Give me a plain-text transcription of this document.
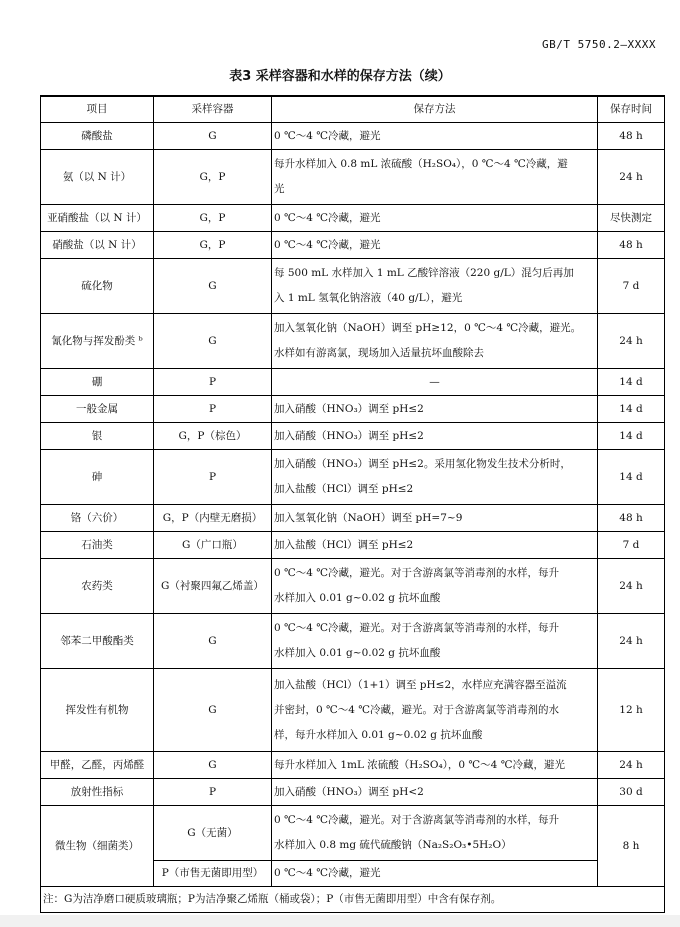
GB/T 5750.2—XXXX
表3 采样容器和水样的保存方法（续）
项目	采样容器	保存方法	保存时间
磷酸盐	G	0 ℃～4 ℃冷藏，避光	48 h
氨（以 N 计）	G，P	每升水样加入 0.8 mL 浓硫酸（H₂SO₄），0 ℃～4 ℃冷藏，避
光	24 h
亚硝酸盐（以 N 计）	G，P	0 ℃～4 ℃冷藏，避光	尽快测定
硝酸盐（以 N 计）	G，P	0 ℃～4 ℃冷藏，避光	48 h
硫化物	G	每 500 mL 水样加入 1 mL 乙酸锌溶液（220 g/L）混匀后再加
入 1 mL 氢氧化钠溶液（40 g/L），避光	7 d
氰化物与挥发酚类 ᵇ	G	加入氢氧化钠（NaOH）调至 pH≥12，0 ℃～4 ℃冷藏，避光。
水样如有游离氯，现场加入适量抗坏血酸除去	24 h
硼	P	—	14 d
一般金属	P	加入硝酸（HNO₃）调至 pH≤2	14 d
银	G，P（棕色）	加入硝酸（HNO₃）调至 pH≤2	14 d
砷	P	加入硝酸（HNO₃）调至 pH≤2。采用氢化物发生技术分析时，
加入盐酸（HCl）调至 pH≤2	14 d
铬（六价）	G，P（内壁无磨损）	加入氢氧化钠（NaOH）调至 pH=7~9	48 h
石油类	G（广口瓶）	加入盐酸（HCl）调至 pH≤2	7 d
农药类	G（衬聚四氟乙烯盖）	0 ℃～4 ℃冷藏，避光。对于含游离氯等消毒剂的水样，每升
水样加入 0.01 g~0.02 g 抗坏血酸	24 h
邻苯二甲酸酯类	G	0 ℃～4 ℃冷藏，避光。对于含游离氯等消毒剂的水样，每升
水样加入 0.01 g~0.02 g 抗坏血酸	24 h
挥发性有机物	G	加入盐酸（HCl）（1+1）调至 pH≤2，水样应充满容器至溢流
并密封，0 ℃～4 ℃冷藏，避光。对于含游离氯等消毒剂的水
样，每升水样加入 0.01 g~0.02 g 抗坏血酸	12 h
甲醛，乙醛，丙烯醛	G	每升水样加入 1mL 浓硫酸（H₂SO₄），0 ℃～4 ℃冷藏，避光	24 h
放射性指标	P	加入硝酸（HNO₃）调至 pH<2	30 d
微生物（细菌类）	G（无菌）	0 ℃～4 ℃冷藏，避光。对于含游离氯等消毒剂的水样，每升
水样加入 0.8 mg 硫代硫酸钠（Na₂S₂O₃•5H₂O）	8 h
	P（市售无菌即用型）	0 ℃～4 ℃冷藏，避光	

注：G为洁净磨口硬质玻璃瓶；P为洁净聚乙烯瓶（桶或袋）；P（市售无菌即用型）中含有保存剂。			
